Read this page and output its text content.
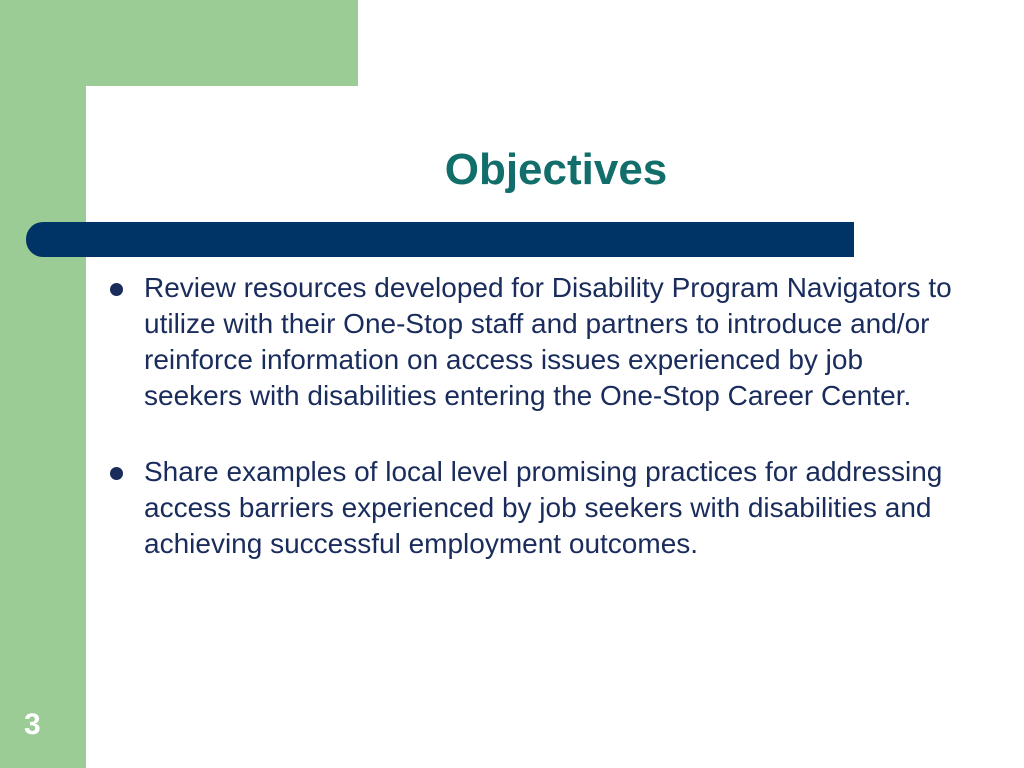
Objectives
Review resources developed for Disability Program Navigators to utilize with their One-Stop staff and partners to introduce and/or reinforce information on access issues experienced by job seekers with disabilities entering the One-Stop Career Center.
Share examples of local level promising practices for addressing access barriers experienced by job seekers with disabilities and achieving successful employment outcomes.
3
